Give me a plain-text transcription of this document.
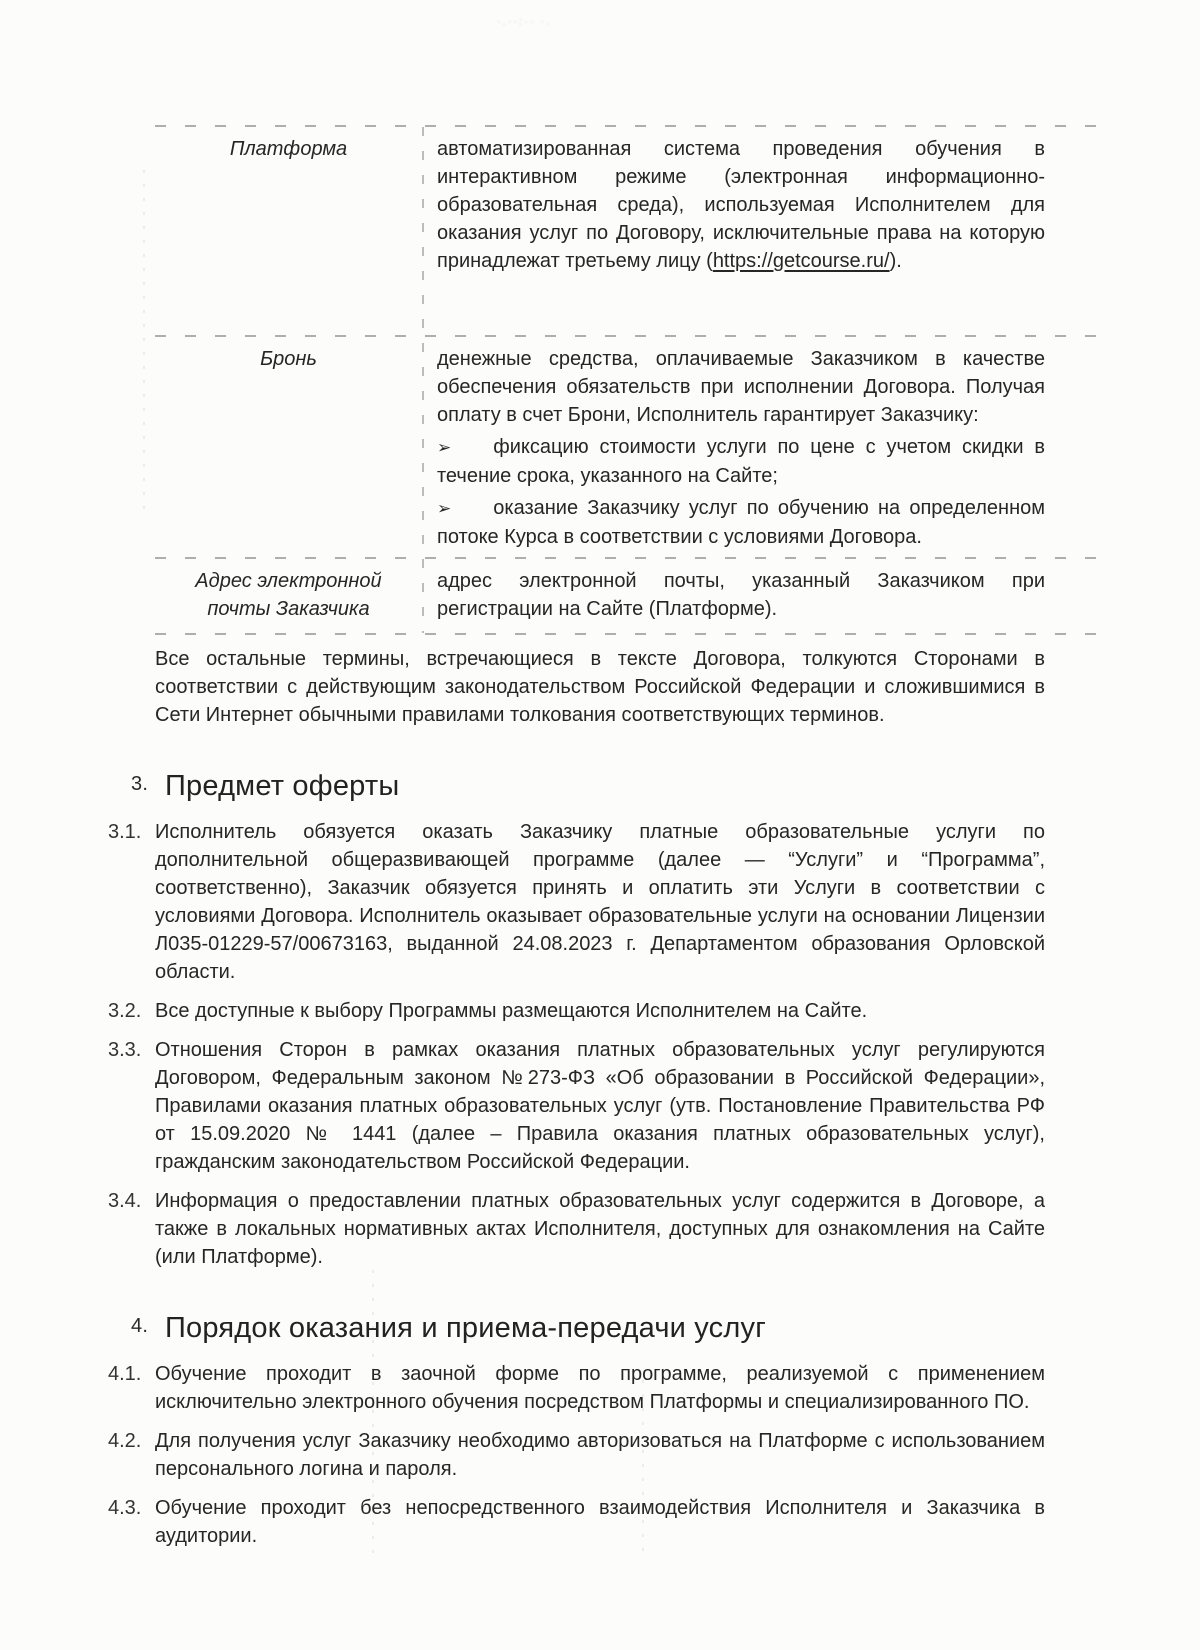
·.··:·· ·.
Платформа	автоматизированная система проведения обучения в интерактивном режиме (электронная информационно-образовательная среда), используемая Исполнителем для оказания услуг по Договору, исключительные права на которую принадлежат третьему лицу (https://getcourse.ru/).

Бронь	денежные средства, оплачиваемые Заказчиком в качестве обеспечения обязательств при исполнении Договора. Получая оплату в счет Брони, Исполнитель гарантирует Заказчику:

➢ фиксацию стоимости услуги по цене с учетом скидки в течение срока, указанного на Сайте;

➢ оказание Заказчику услуг по обучению на определенном потоке Курса в соответствии с условиями Договора.

Адрес электронной почты Заказчика

адрес электронной почты, указанный Заказчиком при регистрации на Сайте (Платформе).

Все остальные термины, встречающиеся в тексте Договора, толкуются Сторонами в соответствии с действующим законодательством Российской Федерации и сложившимися в Сети Интернет обычными правилами толкования соответствующих терминов.

3. Предмет оферты
3.1. Исполнитель обязуется оказать Заказчику платные образовательные услуги по дополнительной общеразвивающей программе (далее — “Услуги” и “Программа”, соответственно), Заказчик обязуется принять и оплатить эти Услуги в соответствии с условиями Договора. Исполнитель оказывает образовательные услуги на основании Лицензии Л035-01229-57/00673163, выданной 24.08.2023 г. Департаментом образования Орловской области.
3.2. Все доступные к выбору Программы размещаются Исполнителем на Сайте.
3.3. Отношения Сторон в рамках оказания платных образовательных услуг регулируются Договором, Федеральным законом №273-ФЗ «Об образовании в Российской Федерации», Правилами оказания платных образовательных услуг (утв. Постановление Правительства РФ от 15.09.2020 № 1441 (далее – Правила оказания платных образовательных услуг), гражданским законодательством Российской Федерации.
3.4. Информация о предоставлении платных образовательных услуг содержится в Договоре, а также в локальных нормативных актах Исполнителя, доступных для ознакомления на Сайте (или Платформе).
4. Порядок оказания и приема-передачи услуг
4.1. Обучение проходит в заочной форме по программе, реализуемой с применением исключительно электронного обучения посредством Платформы и специализированного ПО.
4.2. Для получения услуг Заказчику необходимо авторизоваться на Платформе с использованием персонального логина и пароля.
4.3. Обучение проходит без непосредственного взаимодействия Исполнителя и Заказчика в аудитории.
